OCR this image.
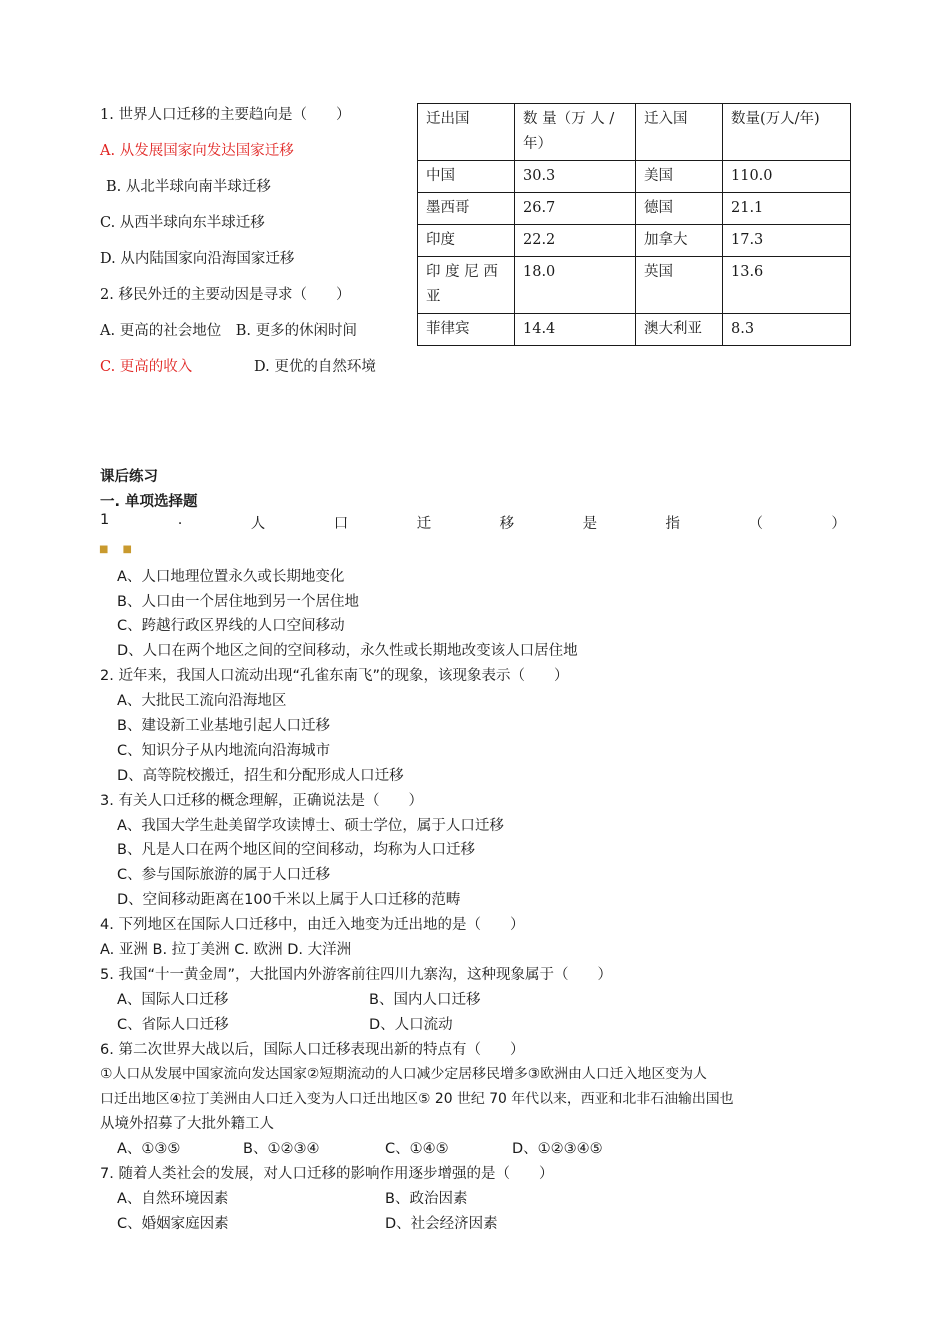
1. 世界人口迁移的主要趋向是（　　）
A. 从发展国家向发达国家迁移
B. 从北半球向南半球迁移
C. 从西半球向东半球迁移
D. 从内陆国家向沿海国家迁移
2. 移民外迁的主要动因是寻求（　　）
A. 更高的社会地位　B. 更多的休闲时间
C. 更高的收入	D. 更优的自然环境
迁出国	数 量（万 人 / 年）	迁入国	数量(万人/年)
中国	30.3	美国	110.0
墨西哥	26.7	德国	21.1
印度	22.2	加拿大	17.3
印 度 尼 西 亚	18.0	英国	13.6
菲律宾	14.4	澳大利亚	8.3
课后练习
一. 单项选择题
1	.	人	口	迁	移	是	指	（	）
■■
A、人口地理位置永久或长期地变化
B、人口由一个居住地到另一个居住地
C、跨越行政区界线的人口空间移动
D、人口在两个地区之间的空间移动，永久性或长期地改变该人口居住地
2. 近年来，我国人口流动出现“孔雀东南飞”的现象，该现象表示（　　）
A、大批民工流向沿海地区
B、建设新工业基地引起人口迁移
C、知识分子从内地流向沿海城市
D、高等院校搬迁，招生和分配形成人口迁移
3. 有关人口迁移的概念理解，正确说法是（　　）
A、我国大学生赴美留学攻读博士、硕士学位，属于人口迁移
B、凡是人口在两个地区间的空间移动，均称为人口迁移
C、参与国际旅游的属于人口迁移
D、空间移动距离在100千米以上属于人口迁移的范畴
4. 下列地区在国际人口迁移中，由迁入地变为迁出地的是（　　）
A. 亚洲 B. 拉丁美洲 C. 欧洲 D. 大洋洲
5. 我国“十一黄金周”，大批国内外游客前往四川九寨沟，这种现象属于（　　）
A、国际人口迁移	B、国内人口迁移
C、省际人口迁移	D、人口流动
6. 第二次世界大战以后，国际人口迁移表现出新的特点有（　　）
①人口从发展中国家流向发达国家②短期流动的人口减少定居移民增多③欧洲由人口迁入地区变为人
口迁出地区④拉丁美洲由人口迁入变为人口迁出地区⑤ 20 世纪 70 年代以来，西亚和北非石油输出国也
从境外招募了大批外籍工人
A、①③⑤	B、①②③④	C、①④⑤	D、①②③④⑤
7. 随着人类社会的发展，对人口迁移的影响作用逐步增强的是（　　）
A、自然环境因素	B、政治因素
C、婚姻家庭因素	D、社会经济因素
